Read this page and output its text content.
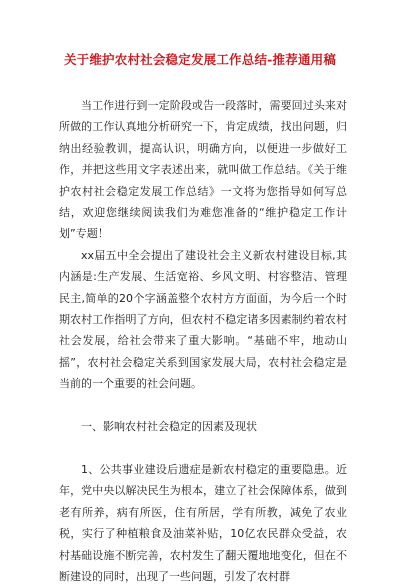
关于维护农村社会稳定发展工作总结-推荐通用稿

当工作进行到一定阶段或告一段落时，需要回过头来对所做的工作认真地分析研究一下，肯定成绩，找出问题，归纳出经验教训，提高认识，明确方向，以便进一步做好工作，并把这些用文字表述出来，就叫做工作总结。《关于维护农村社会稳定发展工作总结》一文将为您指导如何写总结，欢迎您继续阅读我们为难您准备的“维护稳定工作计划”专题！

xx届五中全会提出了建设社会主义新农村建设目标,其内涵是:生产发展、生活宽裕、乡风文明、村容整洁、管理民主,简单的20个字涵盖整个农村方方面面，为今后一个时期农村工作指明了方向，但农村不稳定诸多因素制约着农村社会发展，给社会带来了重大影响。“基础不牢，地动山摇”，农村社会稳定关系到国家发展大局，农村社会稳定是当前的一个重要的社会问题。

一、影响农村社会稳定的因素及现状

1、公共事业建设后遗症是新农村稳定的重要隐患。近年，党中央以解决民生为根本，建立了社会保障体系，做到老有所养，病有所医，住有所居，学有所教，减免了农业税，实行了种植粮食及油菜补贴，10亿农民群众受益，农村基础设施不断完善，农村发生了翻天覆地地变化，但在不断建设的同时，出现了一些问题，引发了农村群
